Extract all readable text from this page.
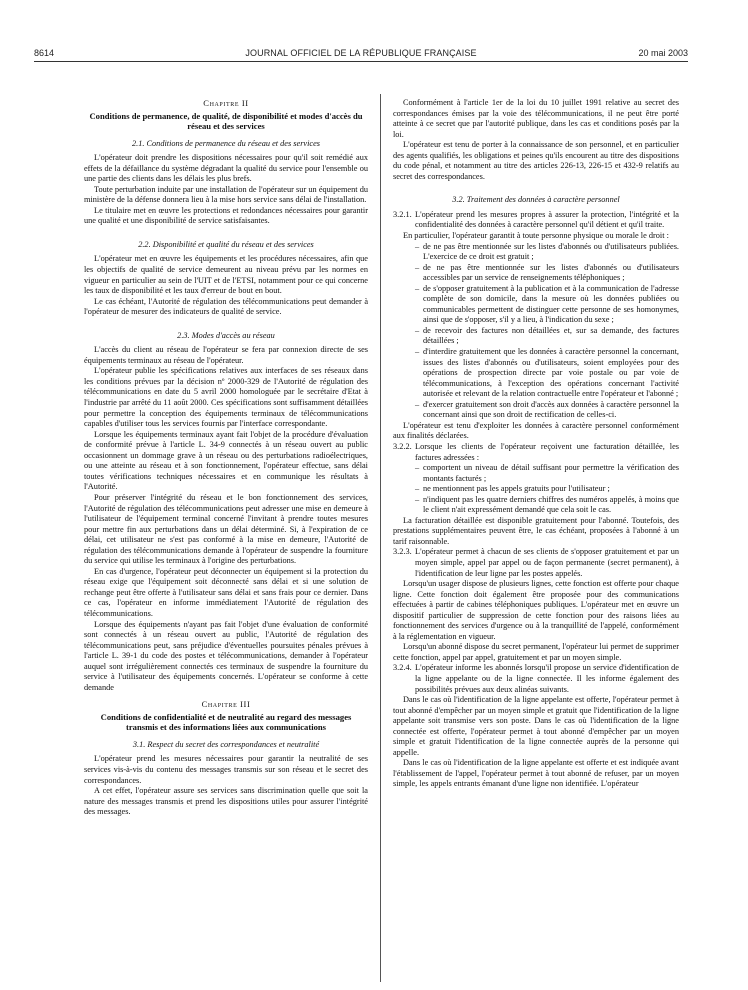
8614	JOURNAL OFFICIEL DE LA RÉPUBLIQUE FRANÇAISE	20 mai 2003

Chapitre II

Conditions de permanence, de qualité, de disponibilité et modes d'accès du réseau et des services

2.1. Conditions de permanence du réseau et des services

L'opérateur doit prendre les dispositions nécessaires pour qu'il soit remédié aux effets de la défaillance du système dégradant la qualité du service pour l'ensemble ou une partie des clients dans les délais les plus brefs.

Toute perturbation induite par une installation de l'opérateur sur un équipement du ministère de la défense donnera lieu à la mise hors service sans délai de l'installation.

Le titulaire met en œuvre les protections et redondances nécessaires pour garantir une qualité et une disponibilité de service satisfaisantes.

2.2. Disponibilité et qualité du réseau et des services

L'opérateur met en œuvre les équipements et les procédures nécessaires, afin que les objectifs de qualité de service demeurent au niveau prévu par les normes en vigueur en particulier au sein de l'UIT et de l'ETSI, notamment pour ce qui concerne les taux de disponibilité et les taux d'erreur de bout en bout.

Le cas échéant, l'Autorité de régulation des télécommunications peut demander à l'opérateur de mesurer des indicateurs de qualité de service.

2.3. Modes d'accès au réseau

L'accès du client au réseau de l'opérateur se fera par connexion directe de ses équipements terminaux au réseau de l'opérateur.

L'opérateur publie les spécifications relatives aux interfaces de ses réseaux dans les conditions prévues par la décision nº 2000-329 de l'Autorité de régulation des télécommunications en date du 5 avril 2000 homologuée par le secrétaire d'Etat à l'industrie par arrêté du 11 août 2000. Ces spécifications sont suffisamment détaillées pour permettre la conception des équipements terminaux de télécommunications capables d'utiliser tous les services fournis par l'interface correspondante.

Lorsque les équipements terminaux ayant fait l'objet de la procédure d'évaluation de conformité prévue à l'article L. 34-9 connectés à un réseau ouvert au public occasionnent un dommage grave à un réseau ou des perturbations radioélectriques, ou une atteinte au réseau et à son fonctionnement, l'opérateur effectue, sans délai toutes vérifications techniques nécessaires et en communique les résultats à l'Autorité.

Pour préserver l'intégrité du réseau et le bon fonctionnement des services, l'Autorité de régulation des télécommunications peut adresser une mise en demeure à l'utilisateur de l'équipement terminal concerné l'invitant à prendre toutes mesures pour mettre fin aux perturbations dans un délai déterminé. Si, à l'expiration de ce délai, cet utilisateur ne s'est pas conformé à la mise en demeure, l'Autorité de régulation des télécommunications demande à l'opérateur de suspendre la fourniture du service qui utilise les terminaux à l'origine des perturbations.

En cas d'urgence, l'opérateur peut déconnecter un équipement si la protection du réseau exige que l'équipement soit déconnecté sans délai et si une solution de rechange peut être offerte à l'utilisateur sans délai et sans frais pour ce dernier. Dans ce cas, l'opérateur en informe immédiatement l'Autorité de régulation des télécommunications.

Lorsque des équipements n'ayant pas fait l'objet d'une évaluation de conformité sont connectés à un réseau ouvert au public, l'Autorité de régulation des télécommunications peut, sans préjudice d'éventuelles poursuites pénales prévues à l'article L. 39-1 du code des postes et télécommunications, demander à l'opérateur auquel sont irrégulièrement connectés ces terminaux de suspendre la fourniture du service à l'utilisateur des équipements concernés. L'opérateur se conforme à cette demande

Chapitre III

Conditions de confidentialité et de neutralité au regard des messages transmis et des informations liées aux communications

3.1. Respect du secret des correspondances et neutralité

L'opérateur prend les mesures nécessaires pour garantir la neutralité de ses services vis-à-vis du contenu des messages transmis sur son réseau et le secret des correspondances.

A cet effet, l'opérateur assure ses services sans discrimination quelle que soit la nature des messages transmis et prend les dispositions utiles pour assurer l'intégrité des messages.

Conformément à l'article 1er de la loi du 10 juillet 1991 relative au secret des correspondances émises par la voie des télécommunications, il ne peut être porté atteinte à ce secret que par l'autorité publique, dans les cas et conditions posés par la loi.

L'opérateur est tenu de porter à la connaissance de son personnel, et en particulier des agents qualifiés, les obligations et peines qu'ils encourent au titre des dispositions du code pénal, et notamment au titre des articles 226-13, 226-15 et 432-9 relatifs au secret des correspondances.

3.2. Traitement des données à caractère personnel

3.2.1. L'opérateur prend les mesures propres à assurer la protection, l'intégrité et la confidentialité des données à caractère personnel qu'il détient et qu'il traite.

En particulier, l'opérateur garantit à toute personne physique ou morale le droit :

– de ne pas être mentionnée sur les listes d'abonnés ou d'utilisateurs publiées. L'exercice de ce droit est gratuit ;
– de ne pas être mentionnée sur les listes d'abonnés ou d'utilisateurs accessibles par un service de renseignements téléphoniques ;
– de s'opposer gratuitement à la publication et à la communication de l'adresse complète de son domicile, dans la mesure où les données publiées ou communicables permettent de distinguer cette personne de ses homonymes, ainsi que de s'opposer, s'il y a lieu, à l'indication du sexe ;
– de recevoir des factures non détaillées et, sur sa demande, des factures détaillées ;
– d'interdire gratuitement que les données à caractère personnel la concernant, issues des listes d'abonnés ou d'utilisateurs, soient employées pour des opérations de prospection directe par voie postale ou par voie de télécommunications, à l'exception des opérations concernant l'activité autorisée et relevant de la relation contractuelle entre l'opérateur et l'abonné ;
– d'exercer gratuitement son droit d'accès aux données à caractère personnel la concernant ainsi que son droit de rectification de celles-ci.

L'opérateur est tenu d'exploiter les données à caractère personnel conformément aux finalités déclarées.

3.2.2. Lorsque les clients de l'opérateur reçoivent une facturation détaillée, les factures adressées :

– comportent un niveau de détail suffisant pour permettre la vérification des montants facturés ;
– ne mentionnent pas les appels gratuits pour l'utilisateur ;
– n'indiquent pas les quatre derniers chiffres des numéros appelés, à moins que le client n'ait expressément demandé que cela soit le cas.

La facturation détaillée est disponible gratuitement pour l'abonné. Toutefois, des prestations supplémentaires peuvent être, le cas échéant, proposées à l'abonné à un tarif raisonnable.

3.2.3. L'opérateur permet à chacun de ses clients de s'opposer gratuitement et par un moyen simple, appel par appel ou de façon permanente (secret permanent), à l'identification de leur ligne par les postes appelés.

Lorsqu'un usager dispose de plusieurs lignes, cette fonction est offerte pour chaque ligne. Cette fonction doit également être proposée pour des communications effectuées à partir de cabines téléphoniques publiques. L'opérateur met en œuvre un dispositif particulier de suppression de cette fonction pour des raisons liées au fonctionnement des services d'urgence ou à la tranquillité de l'appelé, conformément à la réglementation en vigueur.

Lorsqu'un abonné dispose du secret permanent, l'opérateur lui permet de supprimer cette fonction, appel par appel, gratuitement et par un moyen simple.

3.2.4. L'opérateur informe les abonnés lorsqu'il propose un service d'identification de la ligne appelante ou de la ligne connectée. Il les informe également des possibilités prévues aux deux alinéas suivants.

Dans le cas où l'identification de la ligne appelante est offerte, l'opérateur permet à tout abonné d'empêcher par un moyen simple et gratuit que l'identification de la ligne appelante soit transmise vers son poste. Dans le cas où l'identification de la ligne connectée est offerte, l'opérateur permet à tout abonné d'empêcher par un moyen simple et gratuit l'identification de la ligne connectée auprès de la personne qui appelle.

Dans le cas où l'identification de la ligne appelante est offerte et est indiquée avant l'établissement de l'appel, l'opérateur permet à tout abonné de refuser, par un moyen simple, les appels entrants émanant d'une ligne non identifiée. L'opérateur
